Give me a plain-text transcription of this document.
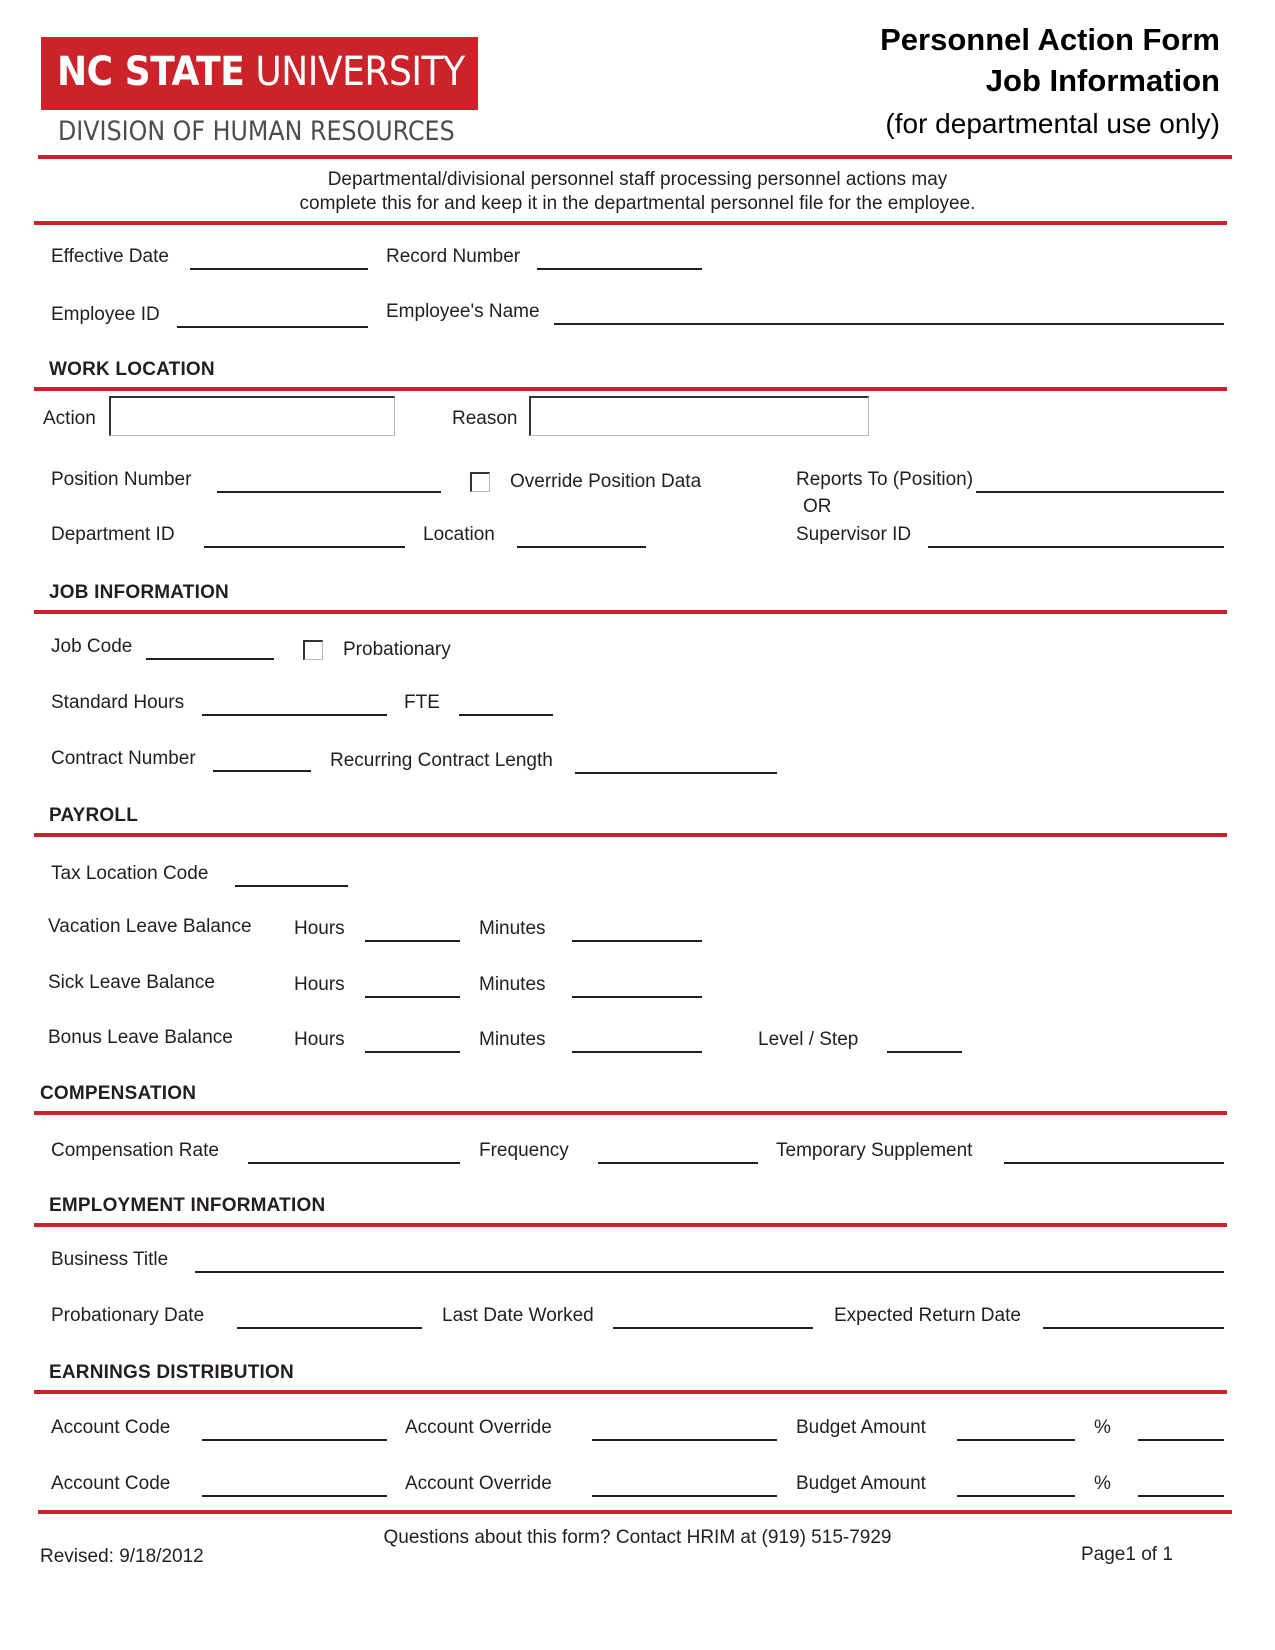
NC STATE UNIVERSITY
DIVISION OF HUMAN RESOURCES
Personnel Action Form
Job Information
(for departmental use only)
Departmental/divisional personnel staff processing personnel actions may
complete this for and keep it in the departmental personnel file for the employee.
Effective Date	Record Number
Employee ID	Employee's Name
WORK LOCATION
Action	Reason
Position Number	Override Position Data	Reports To (Position)
OR
Department ID	Location	Supervisor ID
JOB INFORMATION
Job Code	Probationary
Standard Hours	FTE
Contract Number	Recurring Contract Length
PAYROLL
Tax Location Code
Vacation Leave Balance Hours	Minutes
Sick Leave Balance	Hours	Minutes
Bonus Leave Balance	Hours	Minutes	Level / Step
COMPENSATION
Compensation Rate	Frequency	Temporary Supplement
EMPLOYMENT INFORMATION
Business Title
Probationary Date	Last Date Worked	Expected Return Date
EARNINGS DISTRIBUTION
Account Code	Account Override	Budget Amount	%
Account Code	Account Override	Budget Amount	%
Questions about this form? Contact HRIM at (919) 515-7929
Revised: 9/18/2012	Page1 of 1
